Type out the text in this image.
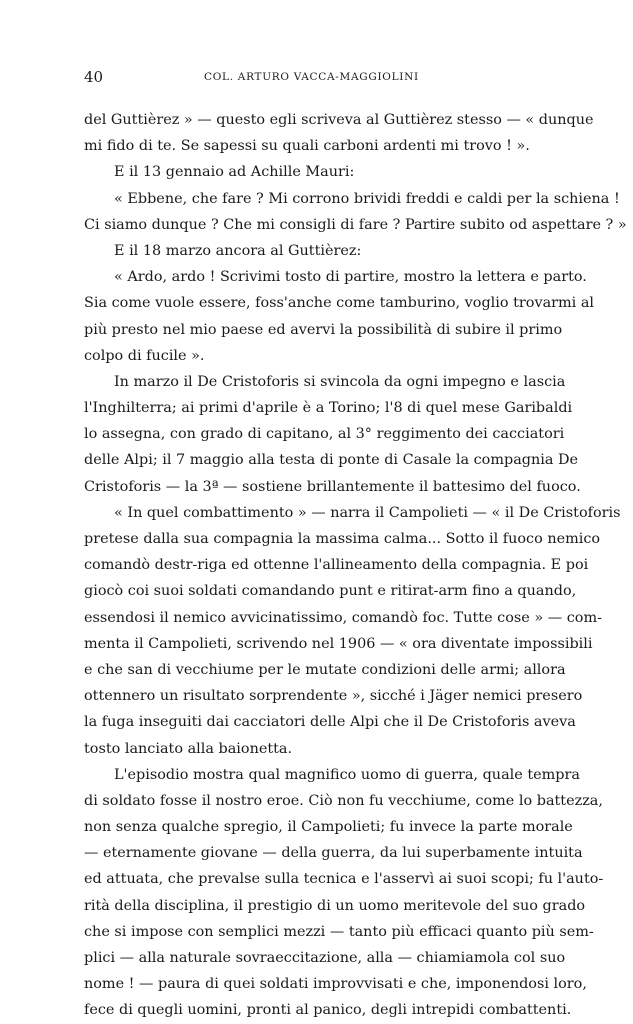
40	COL. ARTURO VACCA-MAGGIOLINI
del Guttièrez » — questo egli scriveva al Guttièrez stesso — « dunque
mi fido di te. Se sapessi su quali carboni ardenti mi trovo ! ».
E il 13 gennaio ad Achille Mauri:
« Ebbene, che fare ? Mi corrono brividi freddi e caldi per la schiena !
Ci siamo dunque ? Che mi consigli di fare ? Partire subito od aspettare ? »
E il 18 marzo ancora al Guttièrez:
« Ardo, ardo ! Scrivimi tosto di partire, mostro la lettera e parto.
Sia come vuole essere, foss'anche come tamburino, voglio trovarmi al
più presto nel mio paese ed avervi la possibilità di subire il primo
colpo di fucile ».
In marzo il De Cristoforis si svincola da ogni impegno e lascia
l'Inghilterra; ai primi d'aprile è a Torino; l'8 di quel mese Garibaldi
lo assegna, con grado di capitano, al 3° reggimento dei cacciatori
delle Alpi; il 7 maggio alla testa di ponte di Casale la compagnia De
Cristoforis — la 3ª — sostiene brillantemente il battesimo del fuoco.
« In quel combattimento » — narra il Campolieti — « il De Cristoforis
pretese dalla sua compagnia la massima calma... Sotto il fuoco nemico
comandò destr-riga ed ottenne l'allineamento della compagnia. E poi
giocò coi suoi soldati comandando punt e ritirat-arm fino a quando,
essendosi il nemico avvicinatissimo, comandò foc. Tutte cose » — com-
menta il Campolieti, scrivendo nel 1906 — « ora diventate impossibili
e che san di vecchiume per le mutate condizioni delle armi; allora
ottennero un risultato sorprendente », sicché i Jäger nemici presero
la fuga inseguiti dai cacciatori delle Alpi che il De Cristoforis aveva
tosto lanciato alla baionetta.
L'episodio mostra qual magnifico uomo di guerra, quale tempra
di soldato fosse il nostro eroe. Ciò non fu vecchiume, come lo battezza,
non senza qualche spregio, il Campolieti; fu invece la parte morale
— eternamente giovane — della guerra, da lui superbamente intuita
ed attuata, che prevalse sulla tecnica e l'asservì ai suoi scopi; fu l'auto-
rità della disciplina, il prestigio di un uomo meritevole del suo grado
che si impose con semplici mezzi — tanto più efficaci quanto più sem-
plici — alla naturale sovraeccitazione, alla — chiamiamola col suo
nome ! — paura di quei soldati improvvisati e che, imponendosi loro,
fece di quegli uomini, pronti al panico, degli intrepidi combattenti.
